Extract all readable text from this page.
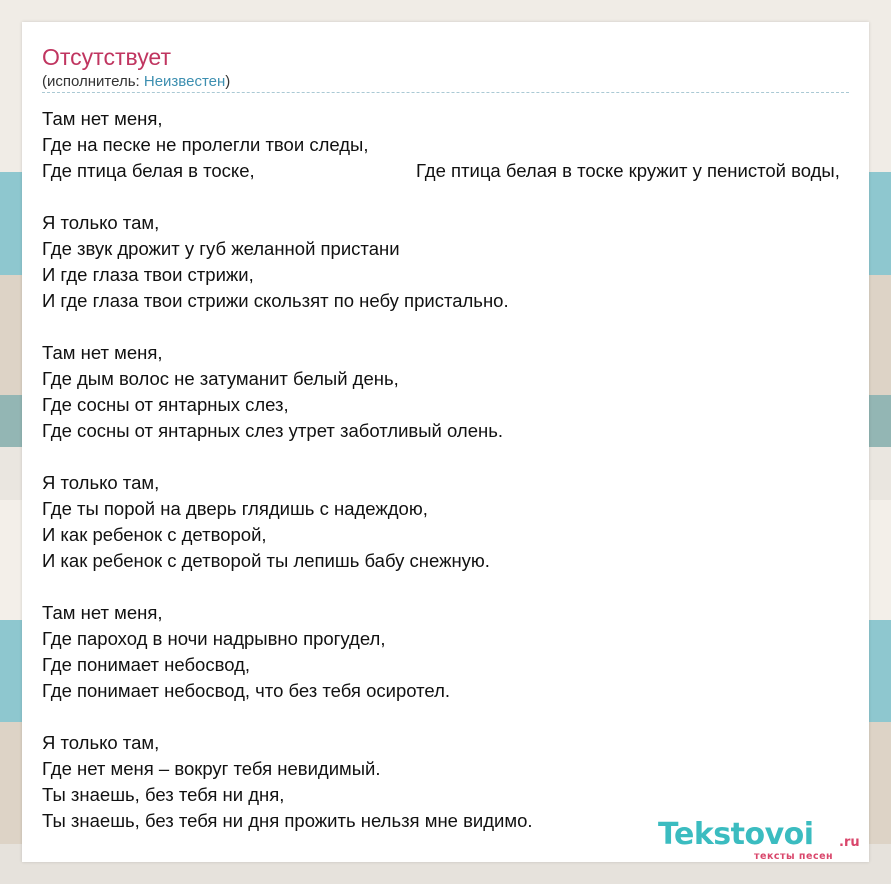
Отсутствует
(исполнитель: Неизвестен)
Там нет меня,
Где на песке не пролегли твои следы,
Где птица белая в тоске,	Где птица белая в тоске кружит у пенистой воды,
Я только там,
Где звук дрожит у губ желанной пристани
И где глаза твои стрижи,
И где глаза твои стрижи скользят по небу пристально.
Там нет меня,
Где дым волос не затуманит белый день,
Где сосны от янтарных слез,
Где сосны от янтарных слез утрет заботливый олень.
Я только там,
Где ты порой на дверь глядишь с надеждою,
И как ребенок с детворой,
И как ребенок с детворой ты лепишь бабу снежную.
Там нет меня,
Где пароход в ночи надрывно прогудел,
Где понимает небосвод,
Где понимает небосвод, что без тебя осиротел.
Я только там,
Где нет меня – вокруг тебя невидимый.
Ты знаешь, без тебя ни дня,
Ты знаешь, без тебя ни дня прожить нельзя мне видимо.	Tekstovoi .ru
тексты песен
